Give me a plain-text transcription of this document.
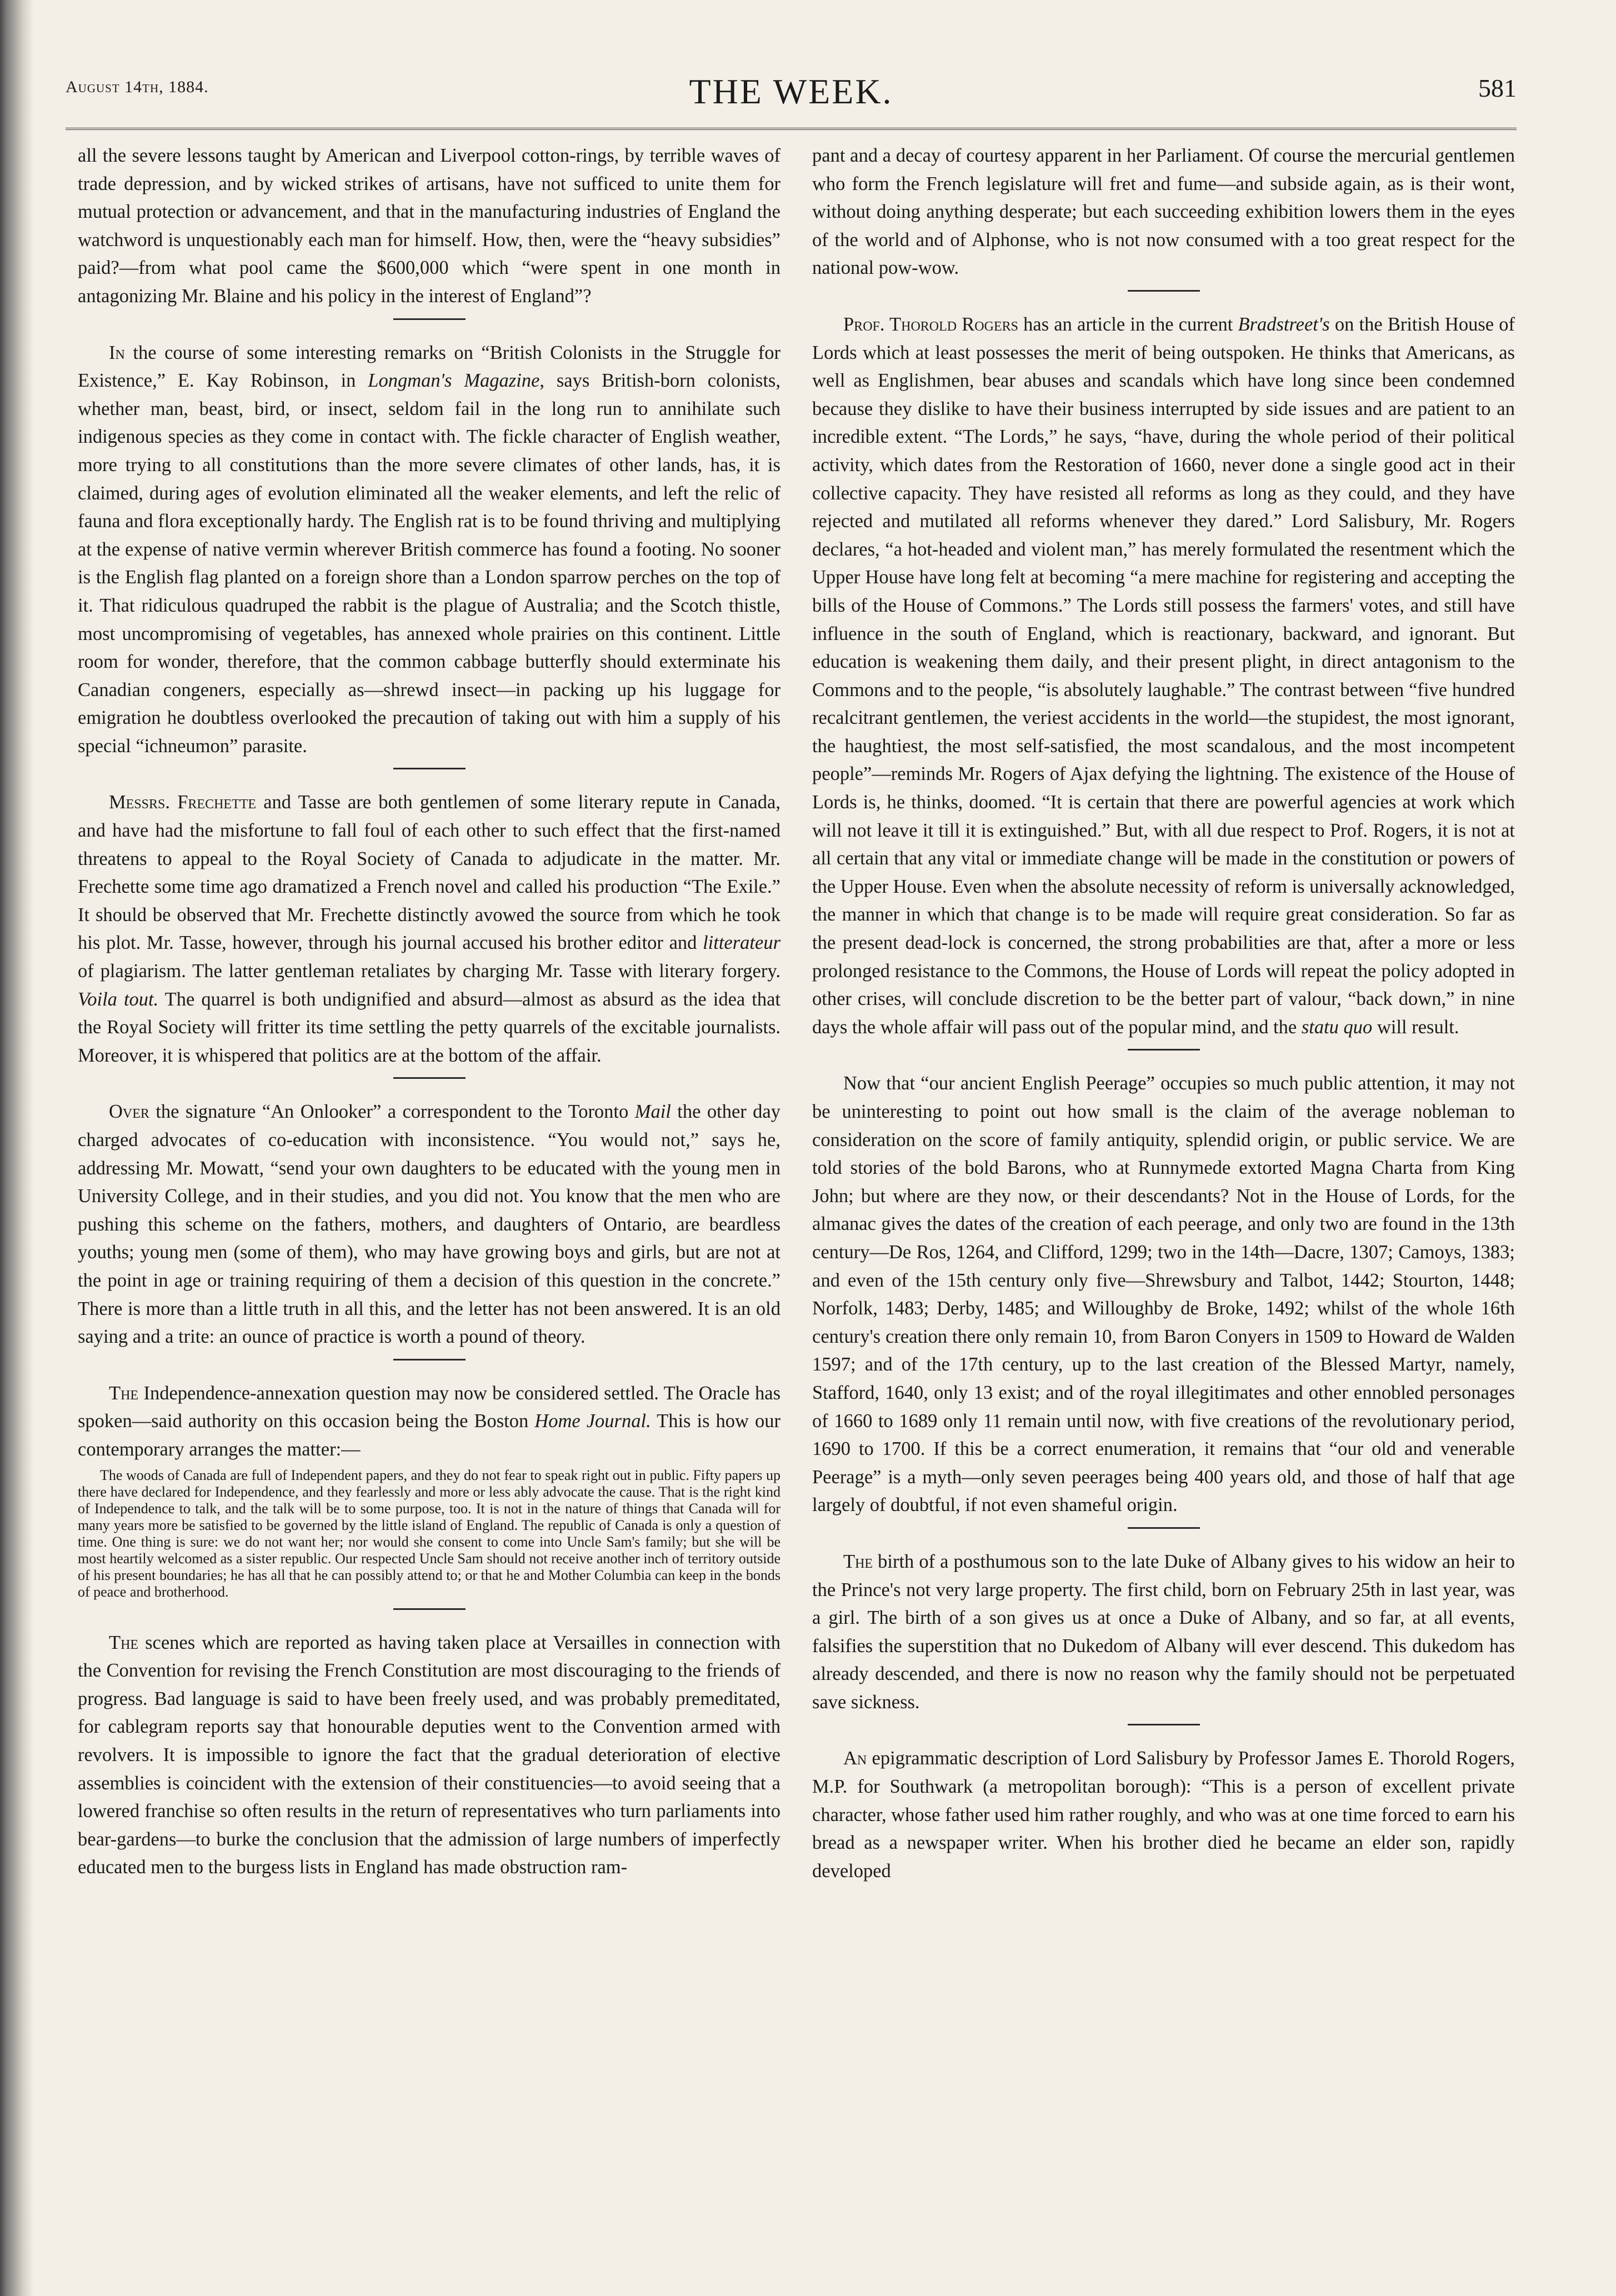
August 14th, 1884.	THE WEEK.	581

all the severe lessons taught by American and Liverpool cotton-rings, by terrible waves of trade depression, and by wicked strikes of artisans, have not sufficed to unite them for mutual protection or advancement, and that in the manufacturing industries of England the watchword is unquestionably each man for himself. How, then, were the “heavy subsidies” paid?—from what pool came the $600,000 which “were spent in one month in antagonizing Mr. Blaine and his policy in the interest of England”?

In the course of some interesting remarks on “British Colonists in the Struggle for Existence,” E. Kay Robinson, in Longman's Magazine, says British-born colonists, whether man, beast, bird, or insect, seldom fail in the long run to annihilate such indigenous species as they come in contact with. The fickle character of English weather, more trying to all constitutions than the more severe climates of other lands, has, it is claimed, during ages of evolution eliminated all the weaker elements, and left the relic of fauna and flora exceptionally hardy. The English rat is to be found thriving and multiplying at the expense of native vermin wherever British commerce has found a footing. No sooner is the English flag planted on a foreign shore than a London sparrow perches on the top of it. That ridiculous quadruped the rabbit is the plague of Australia; and the Scotch thistle, most uncompromising of vegetables, has annexed whole prairies on this continent. Little room for wonder, therefore, that the common cabbage butterfly should exterminate his Canadian congeners, especially as—shrewd insect—in packing up his luggage for emigration he doubtless overlooked the precaution of taking out with him a supply of his special “ichneumon” parasite.

Messrs. Frechette and Tasse are both gentlemen of some literary repute in Canada, and have had the misfortune to fall foul of each other to such effect that the first-named threatens to appeal to the Royal Society of Canada to adjudicate in the matter. Mr. Frechette some time ago dramatized a French novel and called his production “The Exile.” It should be observed that Mr. Frechette distinctly avowed the source from which he took his plot. Mr. Tasse, however, through his journal accused his brother editor and litterateur of plagiarism. The latter gentleman retaliates by charging Mr. Tasse with literary forgery. Voila tout. The quarrel is both undignified and absurd—almost as absurd as the idea that the Royal Society will fritter its time settling the petty quarrels of the excitable journalists. Moreover, it is whispered that politics are at the bottom of the affair.

Over the signature “An Onlooker” a correspondent to the Toronto Mail the other day charged advocates of co-education with inconsistence. “You would not,” says he, addressing Mr. Mowatt, “send your own daughters to be educated with the young men in University College, and in their studies, and you did not. You know that the men who are pushing this scheme on the fathers, mothers, and daughters of Ontario, are beardless youths; young men (some of them), who may have growing boys and girls, but are not at the point in age or training requiring of them a decision of this question in the concrete.” There is more than a little truth in all this, and the letter has not been answered. It is an old saying and a trite: an ounce of practice is worth a pound of theory.

The Independence-annexation question may now be considered settled. The Oracle has spoken—said authority on this occasion being the Boston Home Journal. This is how our contemporary arranges the matter:—

The woods of Canada are full of Independent papers, and they do not fear to speak right out in public. Fifty papers up there have declared for Independence, and they fearlessly and more or less ably advocate the cause. That is the right kind of Independence to talk, and the talk will be to some purpose, too. It is not in the nature of things that Canada will for many years more be satisfied to be governed by the little island of England. The republic of Canada is only a question of time. One thing is sure: we do not want her; nor would she consent to come into Uncle Sam's family; but she will be most heartily welcomed as a sister republic. Our respected Uncle Sam should not receive another inch of territory outside of his present boundaries; he has all that he can possibly attend to; or that he and Mother Columbia can keep in the bonds of peace and brotherhood.

The scenes which are reported as having taken place at Versailles in connection with the Convention for revising the French Constitution are most discouraging to the friends of progress. Bad language is said to have been freely used, and was probably premeditated, for cablegram reports say that honourable deputies went to the Convention armed with revolvers. It is impossible to ignore the fact that the gradual deterioration of elective assemblies is coincident with the extension of their constituencies—to avoid seeing that a lowered franchise so often results in the return of representatives who turn parliaments into bear-gardens—to burke the conclusion that the admission of large numbers of imperfectly educated men to the burgess lists in England has made obstruction ram-

pant and a decay of courtesy apparent in her Parliament. Of course the mercurial gentlemen who form the French legislature will fret and fume—and subside again, as is their wont, without doing anything desperate; but each succeeding exhibition lowers them in the eyes of the world and of Alphonse, who is not now consumed with a too great respect for the national pow-wow.

Prof. Thorold Rogers has an article in the current Bradstreet's on the British House of Lords which at least possesses the merit of being outspoken. He thinks that Americans, as well as Englishmen, bear abuses and scandals which have long since been condemned because they dislike to have their business interrupted by side issues and are patient to an incredible extent. “The Lords,” he says, “have, during the whole period of their political activity, which dates from the Restoration of 1660, never done a single good act in their collective capacity. They have resisted all reforms as long as they could, and they have rejected and mutilated all reforms whenever they dared.” Lord Salisbury, Mr. Rogers declares, “a hot-headed and violent man,” has merely formulated the resentment which the Upper House have long felt at becoming “a mere machine for registering and accepting the bills of the House of Commons.” The Lords still possess the farmers' votes, and still have influence in the south of England, which is reactionary, backward, and ignorant. But education is weakening them daily, and their present plight, in direct antagonism to the Commons and to the people, “is absolutely laughable.” The contrast between “five hundred recalcitrant gentlemen, the veriest accidents in the world—the stupidest, the most ignorant, the haughtiest, the most self-satisfied, the most scandalous, and the most incompetent people”—reminds Mr. Rogers of Ajax defying the lightning. The existence of the House of Lords is, he thinks, doomed. “It is certain that there are powerful agencies at work which will not leave it till it is extinguished.” But, with all due respect to Prof. Rogers, it is not at all certain that any vital or immediate change will be made in the constitution or powers of the Upper House. Even when the absolute necessity of reform is universally acknowledged, the manner in which that change is to be made will require great consideration. So far as the present dead-lock is concerned, the strong probabilities are that, after a more or less prolonged resistance to the Commons, the House of Lords will repeat the policy adopted in other crises, will conclude discretion to be the better part of valour, “back down,” in nine days the whole affair will pass out of the popular mind, and the statu quo will result.

Now that “our ancient English Peerage” occupies so much public attention, it may not be uninteresting to point out how small is the claim of the average nobleman to consideration on the score of family antiquity, splendid origin, or public service. We are told stories of the bold Barons, who at Runnymede extorted Magna Charta from King John; but where are they now, or their descendants? Not in the House of Lords, for the almanac gives the dates of the creation of each peerage, and only two are found in the 13th century—De Ros, 1264, and Clifford, 1299; two in the 14th—Dacre, 1307; Camoys, 1383; and even of the 15th century only five—Shrewsbury and Talbot, 1442; Stourton, 1448; Norfolk, 1483; Derby, 1485; and Willoughby de Broke, 1492; whilst of the whole 16th century's creation there only remain 10, from Baron Conyers in 1509 to Howard de Walden 1597; and of the 17th century, up to the last creation of the Blessed Martyr, namely, Stafford, 1640, only 13 exist; and of the royal illegitimates and other ennobled personages of 1660 to 1689 only 11 remain until now, with five creations of the revolutionary period, 1690 to 1700. If this be a correct enumeration, it remains that “our old and venerable Peerage” is a myth—only seven peerages being 400 years old, and those of half that age largely of doubtful, if not even shameful origin.

The birth of a posthumous son to the late Duke of Albany gives to his widow an heir to the Prince's not very large property. The first child, born on February 25th in last year, was a girl. The birth of a son gives us at once a Duke of Albany, and so far, at all events, falsifies the superstition that no Dukedom of Albany will ever descend. This dukedom has already descended, and there is now no reason why the family should not be perpetuated save sickness.

An epigrammatic description of Lord Salisbury by Professor James E. Thorold Rogers, M.P. for Southwark (a metropolitan borough): “This is a person of excellent private character, whose father used him rather roughly, and who was at one time forced to earn his bread as a newspaper writer. When his brother died he became an elder son, rapidly developed
